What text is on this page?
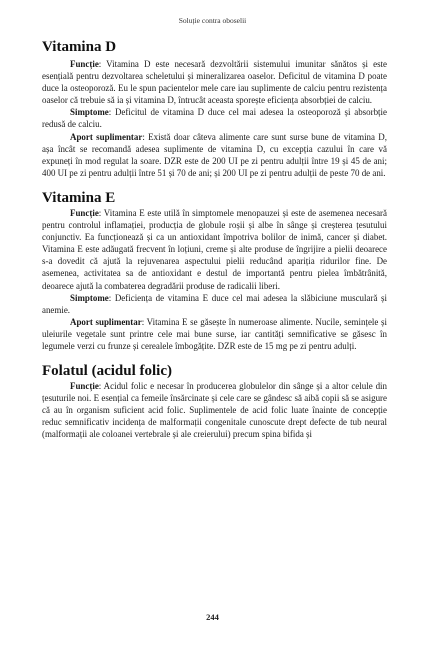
Soluție contra oboselii
Vitamina D

Funcție: Vitamina D este necesară dezvoltării sistemului imunitar sănătos și este esențială pentru dezvoltarea scheletului și mineralizarea oaselor. Deficitul de vitamina D poate duce la osteoporoză. Eu le spun pacientelor mele care iau suplimente de calciu pentru rezistența oaselor că trebuie să ia și vitamina D, întrucât aceasta sporește eficiența absorbției de calciu.

Simptome: Deficitul de vitamina D duce cel mai adesea la osteoporoză și absorbție redusă de calciu.

Aport suplimentar: Există doar câteva alimente care sunt surse bune de vitamina D, așa încât se recomandă adesea suplimente de vitamina D, cu excepția cazului în care vă expuneți în mod regulat la soare. DZR este de 200 UI pe zi pentru adulții între 19 și 45 de ani; 400 UI pe zi pentru adulții între 51 și 70 de ani; și 200 UI pe zi pentru adulții de peste 70 de ani.

Vitamina E

Funcție: Vitamina E este utilă în simptomele menopauzei și este de asemenea necesară pentru controlul inflamației, producția de globule roșii și albe în sânge și creșterea țesutului conjunctiv. Ea funcționează și ca un antioxidant împotriva bolilor de inimă, cancer și diabet. Vitamina E este adăugată frecvent în loțiuni, creme și alte produse de îngrijire a pielii deoarece s-a dovedit că ajută la rejuvenarea aspectului pielii reducând apariția ridurilor fine. De asemenea, activitatea sa de antioxidant e destul de importantă pentru pielea îmbătrânită, deoarece ajută la combaterea degradării produse de radicalii liberi.

Simptome: Deficiența de vitamina E duce cel mai adesea la slăbiciune musculară și anemie.

Aport suplimentar: Vitamina E se găsește în numeroase alimente. Nucile, semințele și uleiurile vegetale sunt printre cele mai bune surse, iar cantități semnificative se găsesc în legumele verzi cu frunze și cerealele îmbogățite. DZR este de 15 mg pe zi pentru adulți.

Folatul (acidul folic)

Funcție: Acidul folic e necesar în producerea globulelor din sânge și a altor celule din țesuturile noi. E esențial ca femeile însărcinate și cele care se gândesc să aibă copii să se asigure că au în organism suficient acid folic. Suplimentele de acid folic luate înainte de concepție reduc semnificativ incidența de malformații congenitale cunoscute drept defecte de tub neural (malformații ale coloanei vertebrale și ale creierului) precum spina bifida și

244
